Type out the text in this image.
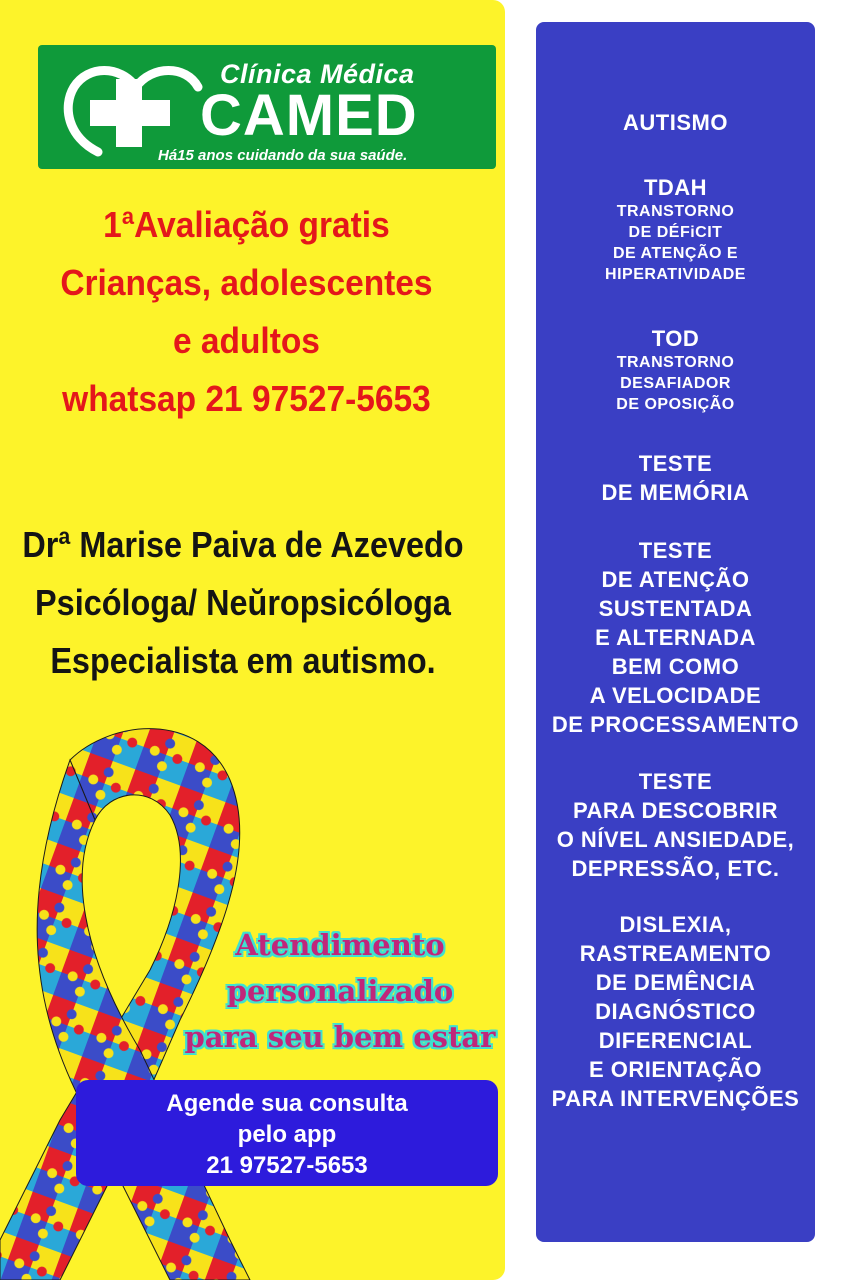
Clínica Médica
CAMED
Há15 anos cuidando da sua saúde.
1ªAvaliação gratis
Crianças, adolescentes
e adultos
whatsap 21 97527-5653
Drª Marise Paiva de Azevedo
Psicóloga/ Neŭropsicóloga
Especialista em autismo.
Atendimento
personalizado
para seu bem estar
Agende sua consulta
pelo app
21 97527-5653
AUTISMO
TDAH
TRANSTORNO
DE DÉFiCIT
DE ATENÇÃO E
HIPERATIVIDADE
TOD
TRANSTORNO
DESAFIADOR
DE OPOSIÇÃO
TESTE
DE MEMÓRIA
TESTE
DE ATENÇÃO
SUSTENTADA
E ALTERNADA
BEM COMO
A VELOCIDADE
DE PROCESSAMENTO
TESTE
PARA DESCOBRIR
O NÍVEL ANSIEDADE,
DEPRESSÃO, ETC.
DISLEXIA,
RASTREAMENTO
DE DEMÊNCIA
DIAGNÓSTICO
DIFERENCIAL
E ORIENTAÇÃO
PARA INTERVENÇÕES
